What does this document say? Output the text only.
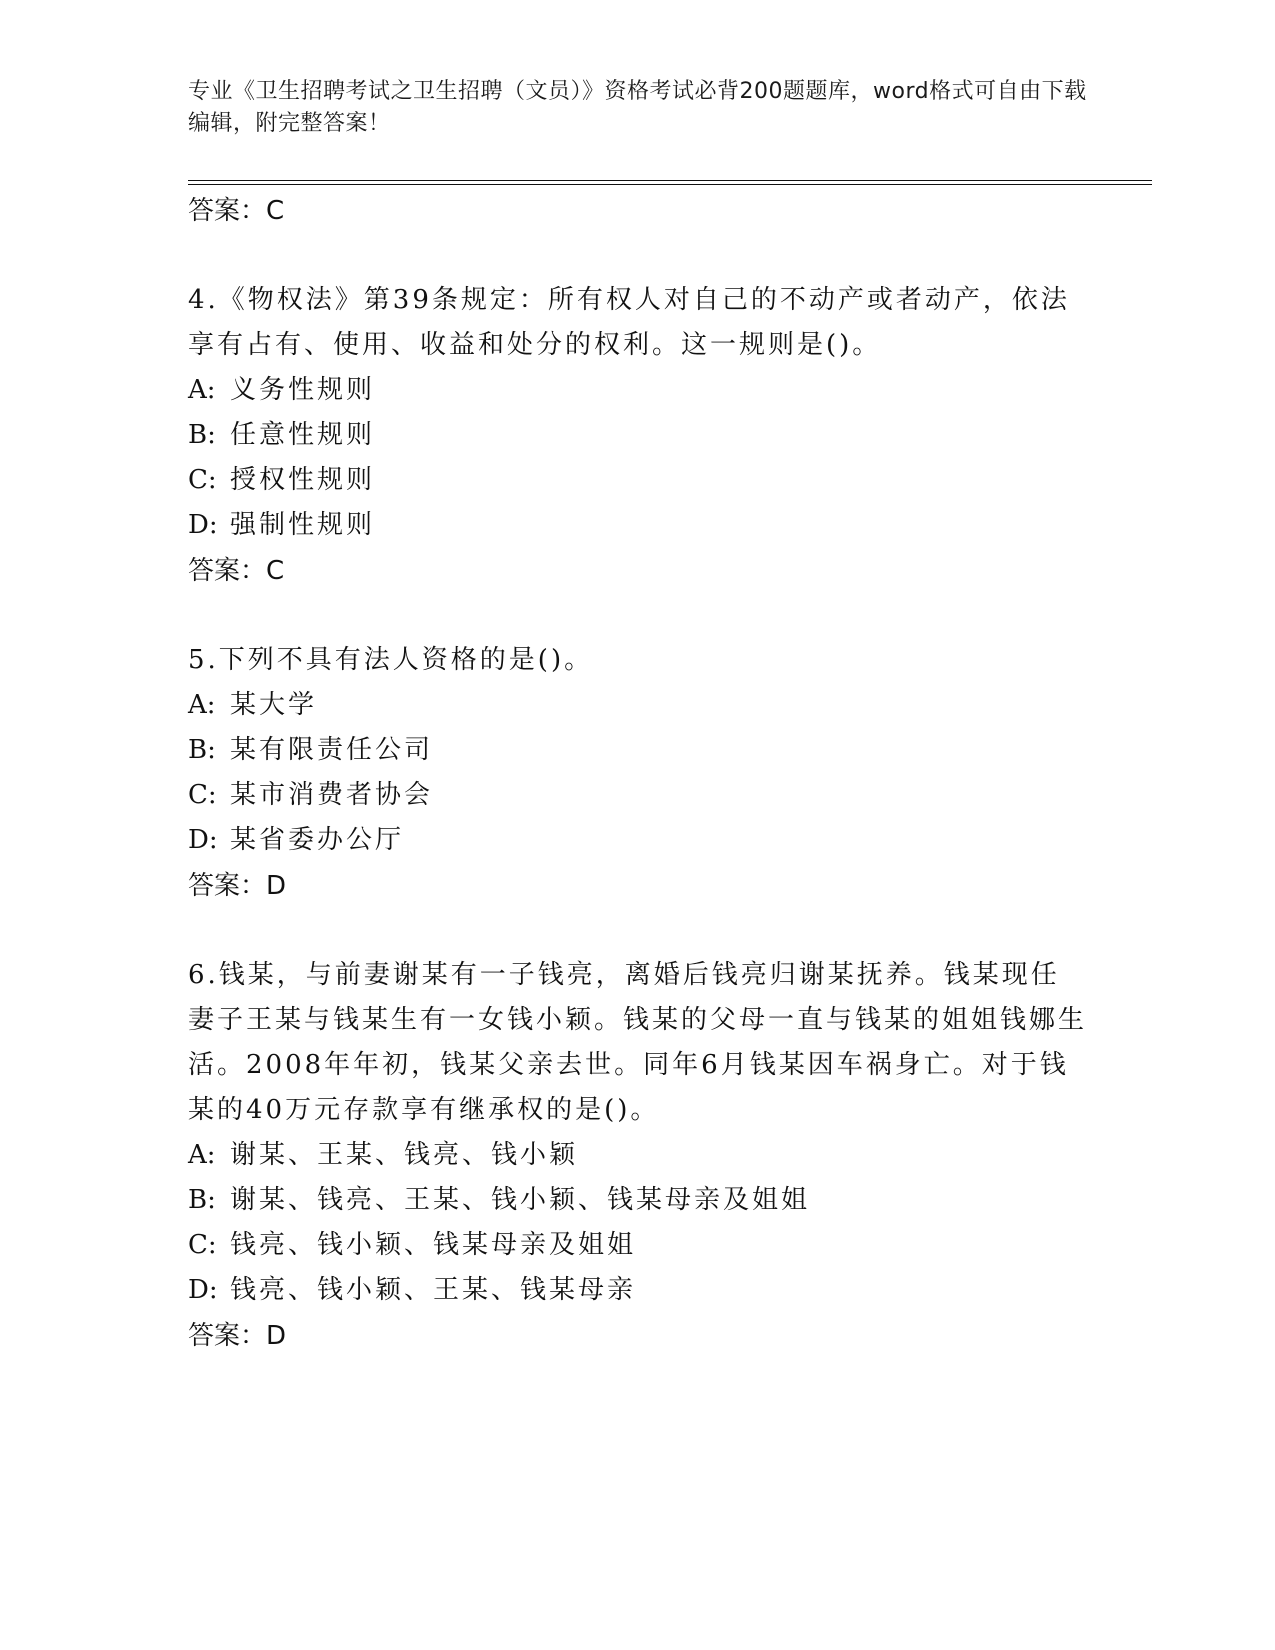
专业《卫生招聘考试之卫生招聘（文员）》资格考试必背200题题库，word格式可自由下载编辑，附完整答案！
答案：C
4.《物权法》第39条规定：所有权人对自己的不动产或者动产，依法享有占有、使用、收益和处分的权利。这一规则是()。
A: 义务性规则
B: 任意性规则
C: 授权性规则
D: 强制性规则
答案：C
5.下列不具有法人资格的是()。
A: 某大学
B: 某有限责任公司
C: 某市消费者协会
D: 某省委办公厅
答案：D
6.钱某，与前妻谢某有一子钱亮，离婚后钱亮归谢某抚养。钱某现任妻子王某与钱某生有一女钱小颖。钱某的父母一直与钱某的姐姐钱娜生活。2008年年初，钱某父亲去世。同年6月钱某因车祸身亡。对于钱某的40万元存款享有继承权的是()。
A: 谢某、王某、钱亮、钱小颖
B: 谢某、钱亮、王某、钱小颖、钱某母亲及姐姐
C: 钱亮、钱小颖、钱某母亲及姐姐
D: 钱亮、钱小颖、王某、钱某母亲
答案：D
